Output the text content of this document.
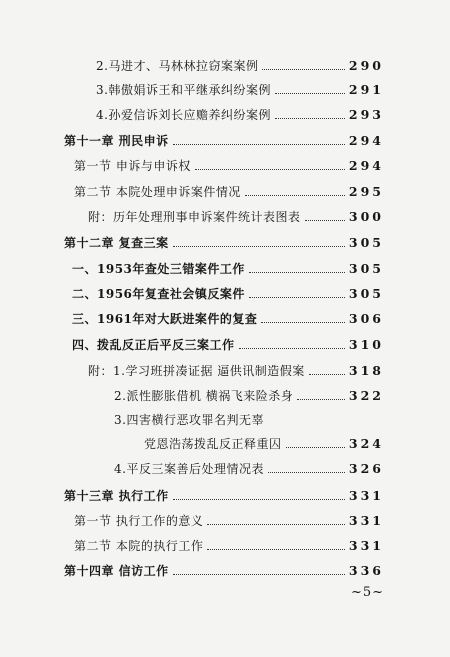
2.马进才、马林林拉窃案案例	290
3.韩傲娟诉王和平继承纠纷案例	291
4.孙爱信诉刘长应赡养纠纷案例	293
第十一章 刑民申诉	294
第一节 申诉与申诉权	294
第二节 本院处理申诉案件情况	295
附：历年处理刑事申诉案件统计表图表	300
第十二章 复查三案	305
一、1953年查处三错案件工作	305
二、1956年复查社会镇反案件	305
三、1961年对大跃进案件的复查	306
四、拨乱反正后平反三案工作	310
附：1.学习班拼凑证据 逼供讯制造假案	318
2.派性膨胀借机 横祸飞来险杀身	322
3.四害横行恶攻罪名判无辜
党恩浩荡拨乱反正释重囚	324
4.平反三案善后处理情况表	326
第十三章 执行工作	331
第一节 执行工作的意义	331
第二节 本院的执行工作	331
第十四章 信访工作	336
~5~
